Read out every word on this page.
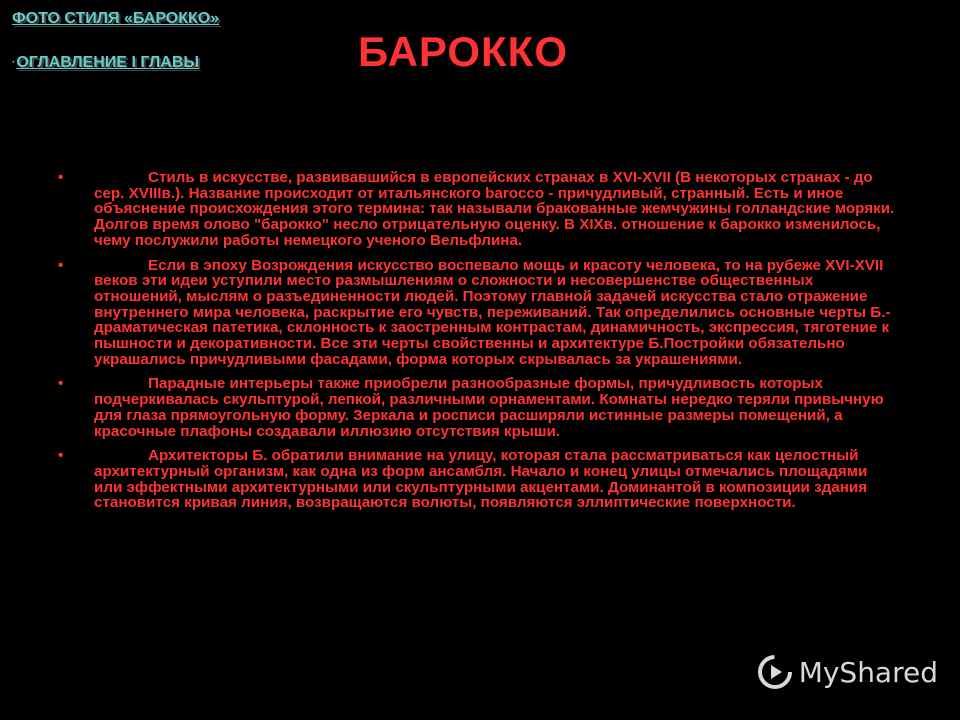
ФОТО СТИЛЯ «БАРОККО»
·ОГЛАВЛЕНИЕ I ГЛАВЫ	БАРОККО
•	Стиль в искусстве, развивавшийся в европейских странах в XVI-XVII (В некоторых странах - до сер. XVIIIв.). Название происходит от итальянского barocco - причудливый, странный. Есть и иное объяснение происхождения этого термина: так называли бракованные жемчужины голландские моряки. Долгов время олово "барокко" несло отрицательную оценку. В XIXв. отношение к барокко изменилось, чему послужили работы немецкого ученого Вельфлина.
•	Если в эпоху Возрождения искусство воспевало мощь и красоту человека, то на рубеже XVI-XVII веков эти идеи уступили место размышлениям о сложности и несовершенстве общественных отношений, мыслям о разъединенности людей. Поэтому главной задачей искусства стало отражение внутреннего мира человека, раскрытие его чувств, переживаний. Так определились основные черты Б.- драматическая патетика, склонность к заостренным контрастам, динамичность, экспрессия, тяготение к пышности и декоративности. Все эти черты свойственны и архитектуре Б.Постройки обязательно украшались причудливыми фасадами, форма которых скрывалась за украшениями.
•	Парадные интерьеры также приобрели разнообразные формы, причудливость которых подчеркивалась скульптурой, лепкой, различными орнаментами. Комнаты нередко теряли привычную для глаза прямоугольную форму. Зеркала и росписи расширяли истинные размеры помещений, а красочные плафоны создавали иллюзию отсутствия крыши.
•	Архитекторы Б. обратили внимание на улицу, которая стала рассматриваться как целостный архитектурный организм, как одна из форм ансамбля. Начало и конец улицы отмечались площадями или эффектными архитектурными или скульптурными акцентами. Доминантой в композиции здания становится кривая линия, возвращаются волюты, появляются эллиптические поверхности.
MyShared
